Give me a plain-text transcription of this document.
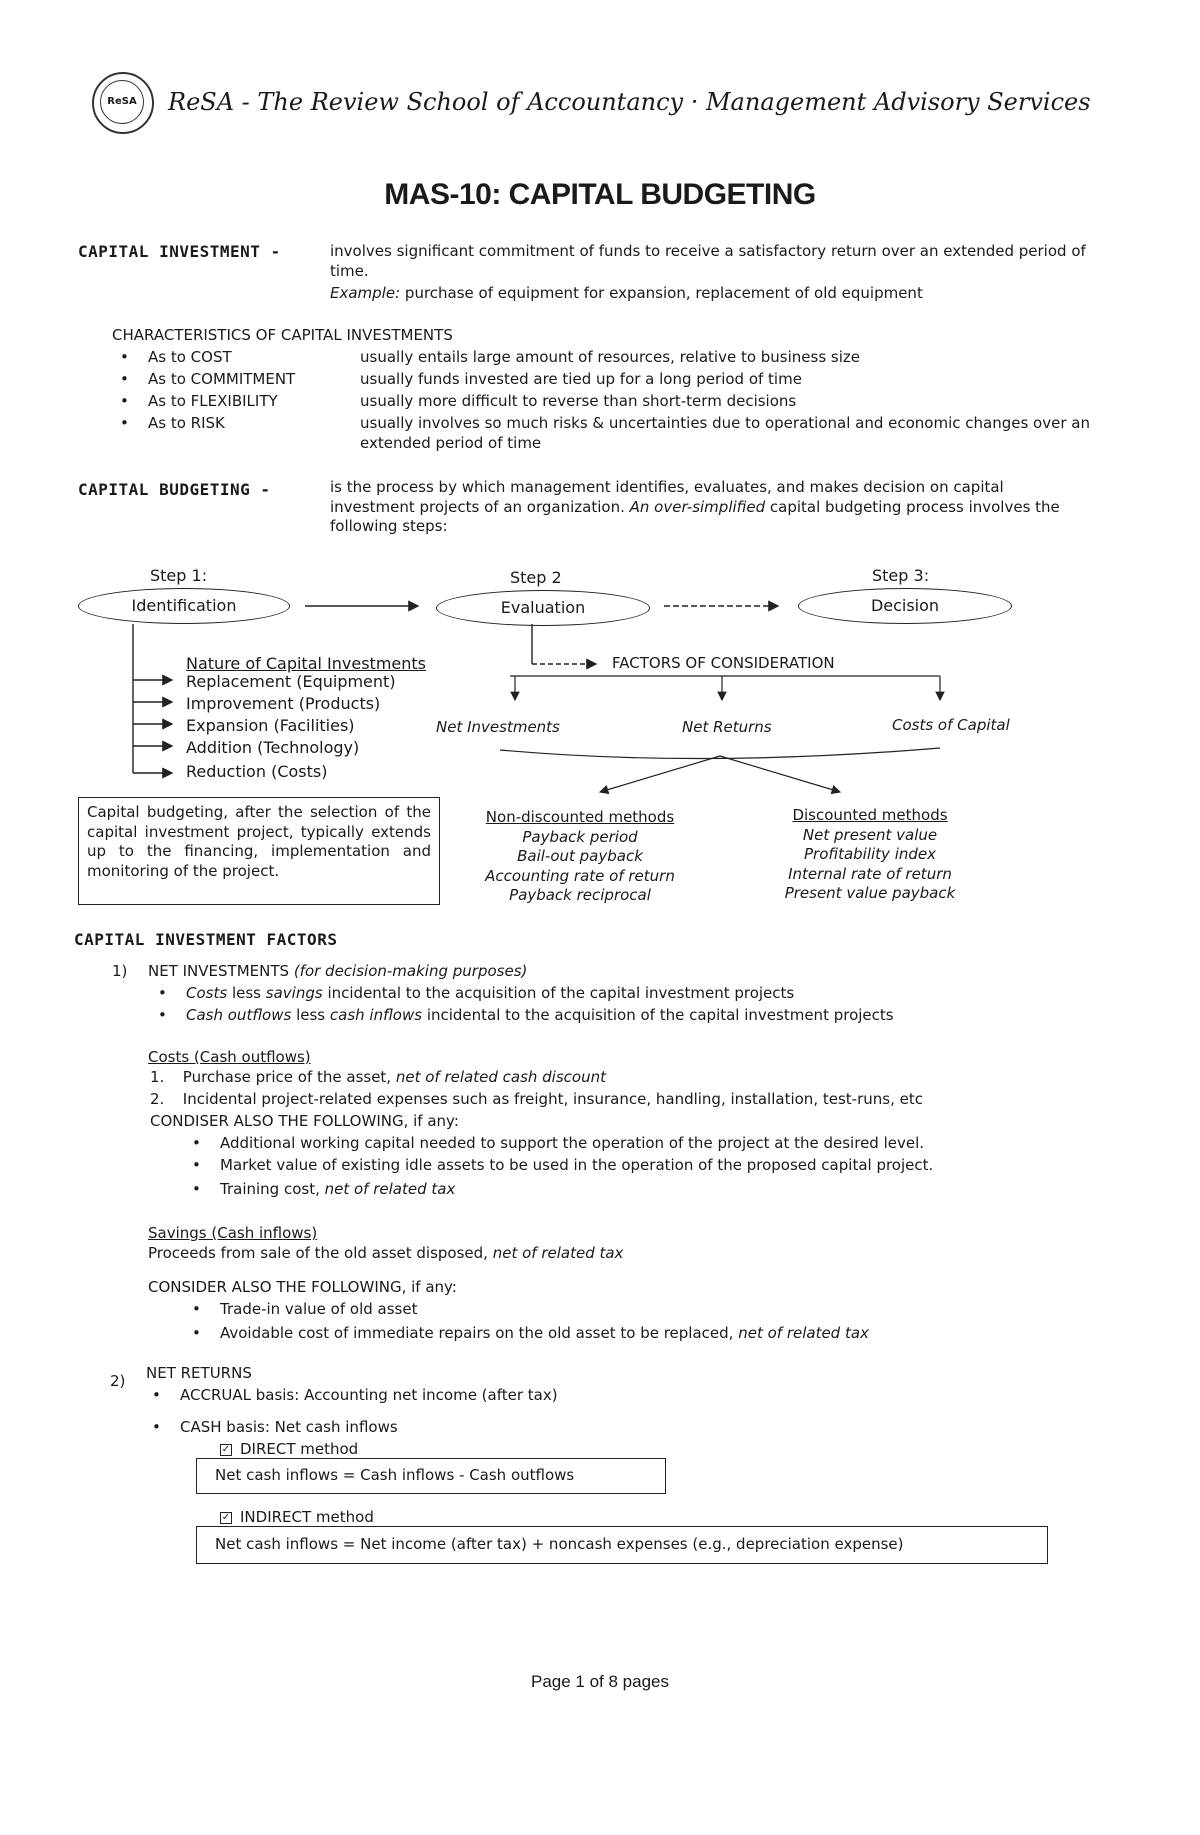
ReSA	ReSA - The Review School of Accountancy · Management Advisory Services
MAS-10: CAPITAL BUDGETING
CAPITAL INVESTMENT -	involves significant commitment of funds to receive a satisfactory return over an extended period of time.
Example: purchase of equipment for expansion, replacement of old equipment
CHARACTERISTICS OF CAPITAL INVESTMENTS
• As to COST	usually entails large amount of resources, relative to business size
• As to COMMITMENT	usually funds invested are tied up for a long period of time
• As to FLEXIBILITY	usually more difficult to reverse than short-term decisions
• As to RISK	usually involves so much risks & uncertainties due to operational and economic changes over an extended period of time
CAPITAL BUDGETING -	is the process by which management identifies, evaluates, and makes decision on capital investment projects of an organization. An over-simplified capital budgeting process involves the following steps:
Step 1:
Identification
Step 2
Evaluation
Step 3:
Decision
Nature of Capital Investments
Replacement (Equipment)
Improvement (Products)
Expansion (Facilities)
Addition (Technology)
Reduction (Costs)
FACTORS OF CONSIDERATION
Net Investments	Net Returns	Costs of Capital
Capital budgeting, after the selection of the capital investment project, typically extends up to the financing, implementation and monitoring of the project.
Non-discounted methods
Payback period
Bail-out payback
Accounting rate of return
Payback reciprocal
Discounted methods
Net present value
Profitability index
Internal rate of return
Present value payback
CAPITAL INVESTMENT FACTORS
1) NET INVESTMENTS (for decision-making purposes)
• Costs less savings incidental to the acquisition of the capital investment projects
• Cash outflows less cash inflows incidental to the acquisition of the capital investment projects
Costs (Cash outflows)
1. Purchase price of the asset, net of related cash discount
2. Incidental project-related expenses such as freight, insurance, handling, installation, test-runs, etc
CONDISER ALSO THE FOLLOWING, if any:
• Additional working capital needed to support the operation of the project at the desired level.
• Market value of existing idle assets to be used in the operation of the proposed capital project.
• Training cost, net of related tax
Savings (Cash inflows)
Proceeds from sale of the old asset disposed, net of related tax
CONSIDER ALSO THE FOLLOWING, if any:
• Trade-in value of old asset
• Avoidable cost of immediate repairs on the old asset to be replaced, net of related tax
2) NET RETURNS
• ACCRUAL basis: Accounting net income (after tax)
• CASH basis: Net cash inflows
✓ DIRECT method
Net cash inflows = Cash inflows - Cash outflows
✓ INDIRECT method
Net cash inflows = Net income (after tax) + noncash expenses (e.g., depreciation expense)
Page 1 of 8 pages
